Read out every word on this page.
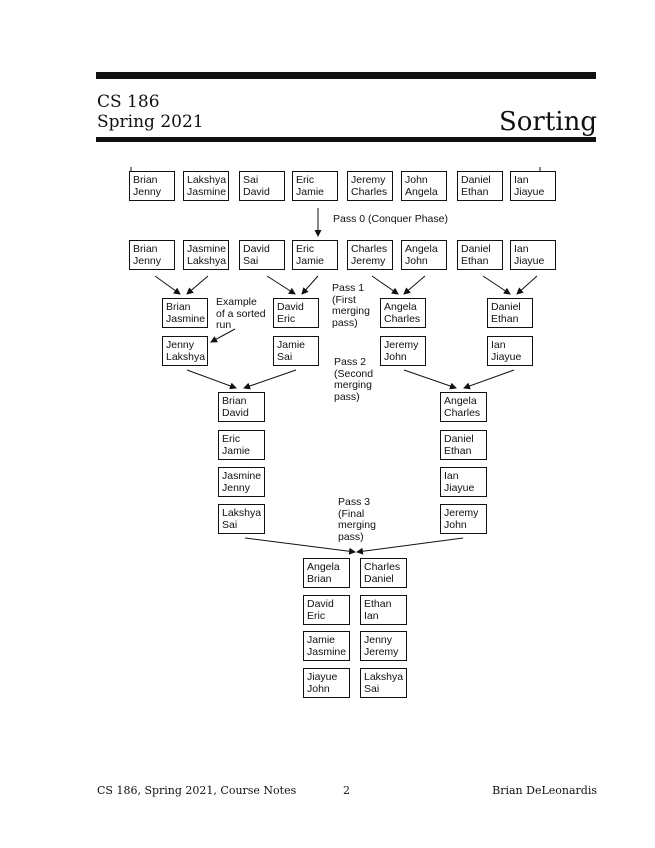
CS 186
Spring 2021	Sorting
Brian
Jenny
Lakshya
Jasmine
Sai
David
Eric
Jamie
Jeremy
Charles
John
Angela
Daniel
Ethan
Ian
Jiayue
Brian
Jenny
Jasmine
Lakshya
David
Sai
Eric
Jamie
Charles
Jeremy
Angela
John
Daniel
Ethan
Ian
Jiayue
Brian
Jasmine
Jenny
Lakshya
David
Eric
Jamie
Sai
Angela
Charles
Jeremy
John
Daniel
Ethan
Ian
Jiayue
Brian
David
Eric
Jamie
Jasmine
Jenny
Lakshya
Sai
Angela
Charles
Daniel
Ethan
Ian
Jiayue
Jeremy
John
Angela
Brian
David
Eric
Jamie
Jasmine
Jiayue
John
Charles
Daniel
Ethan
Ian
Jenny
Jeremy
Lakshya
Sai
Pass 0 (Conquer Phase)
Pass 1
(First
merging
pass)
Example
of a sorted
run
Pass 2
(Second
merging
pass)
Pass 3
(Final
merging
pass)
CS 186, Spring 2021, Course Notes	2	Brian DeLeonardis
